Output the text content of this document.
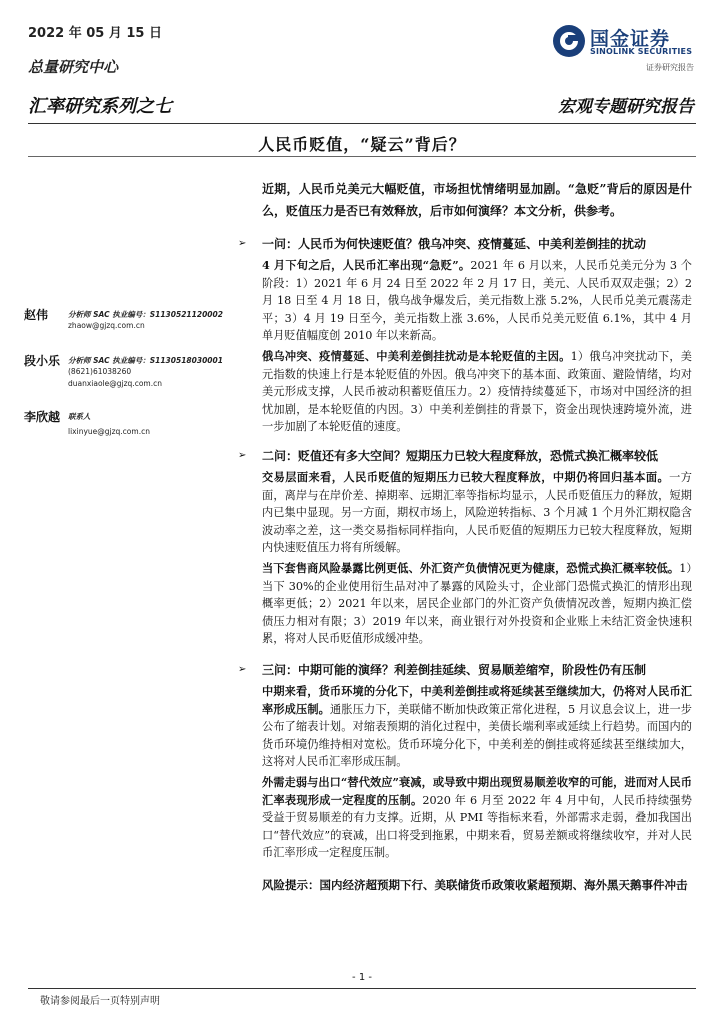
2022 年 05 月 15 日
总量研究中心
汇率研究系列之七
国金证券
SINOLINK SECURITIES
证券研究报告
宏观专题研究报告
人民币贬值，“疑云”背后？
近期，人民币兑美元大幅贬值，市场担忧情绪明显加剧。“急贬”背后的原因是什么，贬值压力是否已有效释放，后市如何演绎？本文分析，供参考。
赵伟	分析师 SAC 执业编号：S1130521120002
zhaow@gjzq.com.cn
段小乐 分析师 SAC 执业编号：S1130518030001
(8621)61038260
duanxiaole@gjzq.com.cn
李欣越 联系人
lixinyue@gjzq.com.cn
➢ 一问：人民币为何快速贬值？俄乌冲突、疫情蔓延、中美利差倒挂的扰动
4 月下旬之后，人民币汇率出现“急贬”。2021 年 6 月以来，人民币兑美元分为 3 个阶段：1）2021 年 6 月 24 日至 2022 年 2 月 17 日，美元、人民币双双走强；2）2 月 18 日至 4 月 18 日，俄乌战争爆发后，美元指数上涨 5.2%，人民币兑美元震荡走平；3）4 月 19 日至今，美元指数上涨 3.6%，人民币兑美元贬值 6.1%，其中 4 月单月贬值幅度创 2010 年以来新高。
俄乌冲突、疫情蔓延、中美利差倒挂扰动是本轮贬值的主因。1）俄乌冲突扰动下，美元指数的快速上行是本轮贬值的外因。俄乌冲突下的基本面、政策面、避险情绪，均对美元形成支撑，人民币被动积蓄贬值压力。2）疫情持续蔓延下，市场对中国经济的担忧加剧，是本轮贬值的内因。3）中美利差倒挂的背景下，资金出现快速跨境外流，进一步加剧了本轮贬值的速度。
➢ 二问：贬值还有多大空间？短期压力已较大程度释放，恐慌式换汇概率较低
交易层面来看，人民币贬值的短期压力已较大程度释放，中期仍将回归基本面。一方面，离岸与在岸价差、掉期率、远期汇率等指标均显示，人民币贬值压力的释放，短期内已集中显现。另一方面，期权市场上，风险逆转指标、3 个月减 1 个月外汇期权隐含波动率之差，这一类交易指标同样指向，人民币贬值的短期压力已较大程度释放，短期内快速贬值压力将有所缓解。
当下套售商风险暴露比例更低、外汇资产负债情况更为健康，恐慌式换汇概率较低。1）当下 30%的企业使用衍生品对冲了暴露的风险头寸，企业部门恐慌式换汇的情形出现概率更低；2）2021 年以来，居民企业部门的外汇资产负债情况改善，短期内换汇偿债压力相对有限；3）2019 年以来，商业银行对外投资和企业账上未结汇资金快速积累，将对人民币贬值形成缓冲垫。
➢ 三问：中期可能的演绎？利差倒挂延续、贸易顺差缩窄，阶段性仍有压制
中期来看，货币环境的分化下，中美利差倒挂或将延续甚至继续加大，仍将对人民币汇率形成压制。通胀压力下，美联储不断加快政策正常化进程，5 月议息会议上，进一步公布了缩表计划。对缩表预期的消化过程中，美债长端利率或延续上行趋势。而国内的货币环境仍维持相对宽松。货币环境分化下，中美利差的倒挂或将延续甚至继续加大，这将对人民币汇率形成压制。
外需走弱与出口“替代效应”衰减，或导致中期出现贸易顺差收窄的可能，进而对人民币汇率表现形成一定程度的压制。2020 年 6 月至 2022 年 4 月中旬，人民币持续强势受益于贸易顺差的有力支撑。近期，从 PMI 等指标来看，外部需求走弱，叠加我国出口“替代效应”的衰减，出口将受到拖累，中期来看，贸易差额或将继续收窄，并对人民币汇率形成一定程度压制。
风险提示：国内经济超预期下行、美联储货币政策收紧超预期、海外黑天鹅事件冲击
- 1 -
敬请参阅最后一页特别声明
